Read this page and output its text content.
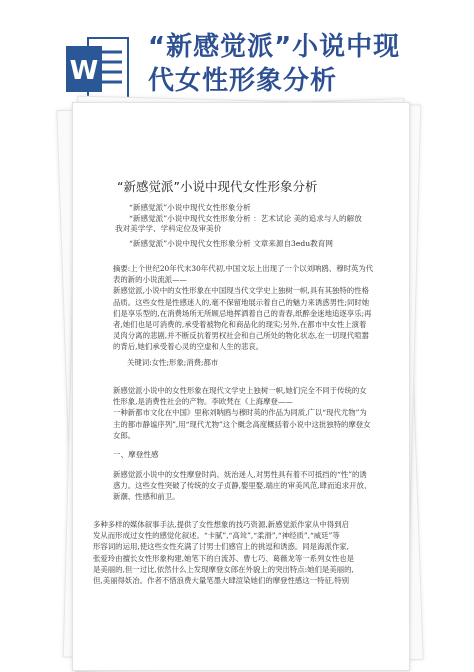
W
“新感觉派”小说中现
代女性形象分析
“新感觉派”小说中现代女性形象分析

“新感觉派”小说中现代女性形象分析

“新感觉派”小说中现代女性形象分析 ：艺术试论 美的追求与人的解放

我对美学学、学科定位及审美价

“新感觉派”小说中现代女性形象分析 文章来源自3edu教育网

摘要:上个世纪20年代末30年代初,中国文坛上出现了一个以刘呐鸥、穆时英为代

表的新的小说流派——

新感觉派,小说中的女性形象在中国现当代文学史上独树一帜,具有其独特的性格

品质。这些女性是性感迷人的,毫不保留地展示着自己的魅力来诱惑男性;同时她

们是享乐型的,在消费场所无所顾忌地挥洒着自己的青春,纸醉金迷地追逐享乐;再

者,她们也是可消费的,承受着被物化和商品化的现实;另外,在都市中女性上演着

灵肉分离的悲剧,并不断反抗着男权社会和自己所处的物化状态,在一切现代喧嚣

的背后,她们承受着心灵的空虚和人生的悲哀。

关键词:女性;形象;消费;都市

新感觉派小说中的女性形象在现代文学史上独树一帜,她们完全不同于传统的女

性形象,是消费性社会的产物。李欧梵在《上海摩登——

一种新都市文化在中国》里称刘呐鸥与穆时英的作品为同质,广以“现代尤物”为

主的都市静谧序列”,用“现代尤物”这个概念高度概括着小说中这批独特的摩登女

女郎。

一、摩登性感

新感觉派小说中的女性摩登时尚、妩治迷人,对男性具有着不可抵挡的“性”的诱

惑力。这些女性突破了传统的女子贞静,娶里娶,端庄的审美风范,肆而追求开放、

新潮、性感和前卫。

多种多样的媒体叙事手法,提供了女性想象的技巧资源,新感觉派作家从中得到启

发从而形成过女性的感觉化叙述。“卡腻”,“高耸”,“柔滑”,“神经质”,“威廷”等

形容词的运用,使这些女性充满了讨男士们感官上的挑逗和诱惑。同是海派作家,

张爱玲由擅长女性形象构建,她笔下的白流苏、曹七巧、葛薇龙等一系列女性也是

是美丽的,但一过比,依然什么上发现摩登女郎在外貌上的突出特点:她们是美丽的,

但,美丽得妖冶。作者不惜浪费大量笔墨大肆渲染她们的摩登性感这一特征,特别
